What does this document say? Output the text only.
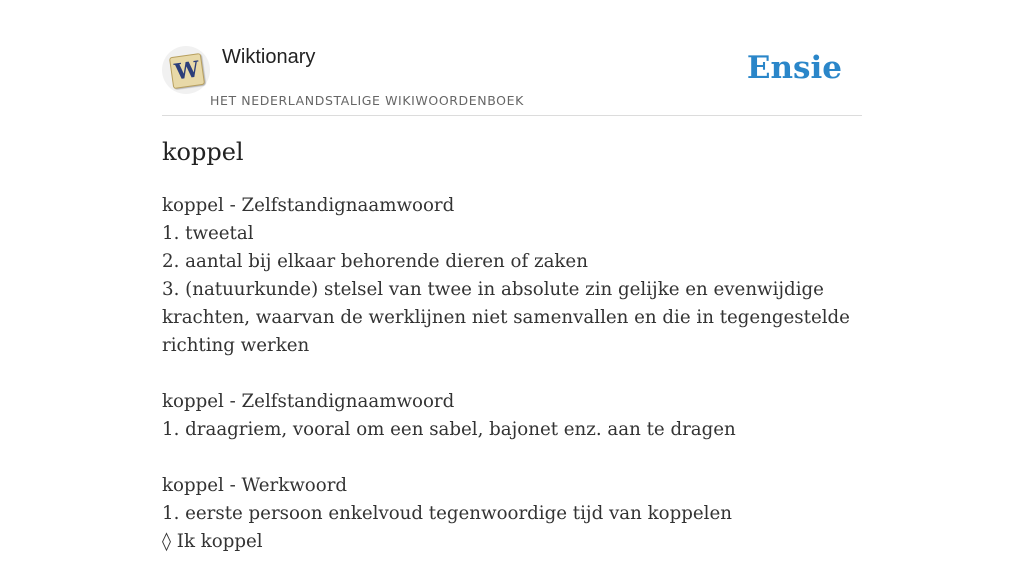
W Wiktionary
HET NEDERLANDSTALIGE WIKIWOORDENBOEK
Ensie
koppel

koppel - Zelfstandignaamwoord

1. tweetal

2. aantal bij elkaar behorende dieren of zaken

3. (natuurkunde) stelsel van twee in absolute zin gelijke en evenwijdige krachten, waarvan de werklijnen niet samenvallen en die in tegengestelde richting werken

koppel - Zelfstandignaamwoord

1. draagriem, vooral om een sabel, bajonet enz. aan te dragen

koppel - Werkwoord

1. eerste persoon enkelvoud tegenwoordige tijd van koppelen

◊ Ik koppel
